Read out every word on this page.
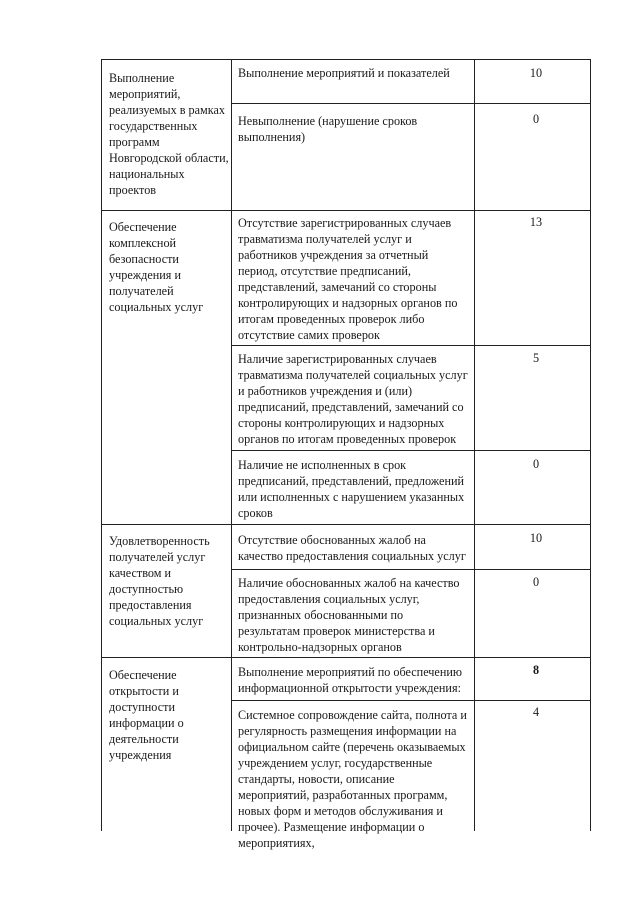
Выполнение мероприятий, реализуемых в рамках государственных программ Новгородской области, национальных проектов
Выполнение мероприятий и показателей	10
Невыполнение (нарушение сроков выполнения)
0
Обеспечение комплексной безопасности учреждения и получателей социальных услуг
Отсутствие зарегистрированных случаев травматизма получателей услуг и работников учреждения за отчетный период, отсутствие предписаний, представлений, замечаний со стороны контролирующих и надзорных органов по итогам проведенных проверок либо отсутствие самих проверок
13
Наличие зарегистрированных случаев травматизма получателей социальных услуг и работников учреждения и (или) предписаний, представлений, замечаний со стороны контролирующих и надзорных органов по итогам проведенных проверок
5
Наличие не исполненных в срок предписаний, представлений, предложений или исполненных с нарушением указанных сроков
0
Удовлетворенность получателей услуг качеством и доступностью предоставления социальных услуг
Отсутствие обоснованных жалоб на качество предоставления социальных услуг
10
Наличие обоснованных жалоб на качество предоставления социальных услуг, признанных обоснованными по результатам проверок министерства и контрольно-надзорных органов
0
Обеспечение открытости и доступности информации о деятельности учреждения
Выполнение мероприятий по обеспечению информационной открытости учреждения:
8
Системное сопровождение сайта, полнота и регулярность размещения информации на официальном сайте (перечень оказываемых учреждением услуг, государственные стандарты, новости, описание мероприятий, разработанных программ, новых форм и методов обслуживания и прочее). Размещение информации о мероприятиях,
4
